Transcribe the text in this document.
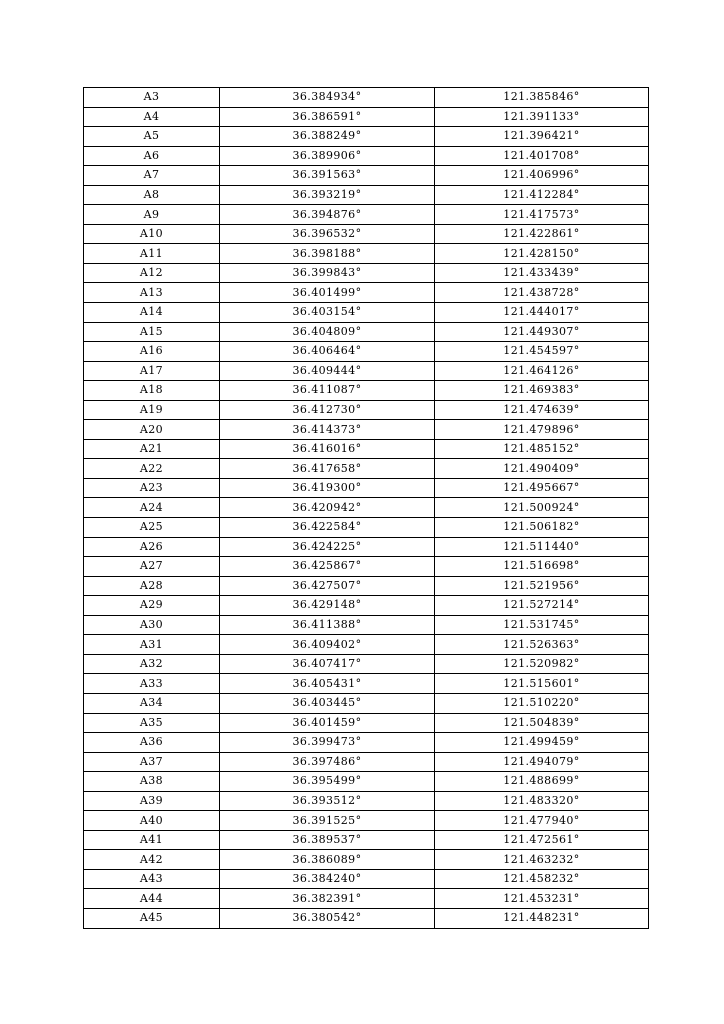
A3	36.384934°	121.385846°
A4	36.386591°	121.391133°
A5	36.388249°	121.396421°
A6	36.389906°	121.401708°
A7	36.391563°	121.406996°
A8	36.393219°	121.412284°
A9	36.394876°	121.417573°
A10	36.396532°	121.422861°
A11	36.398188°	121.428150°
A12	36.399843°	121.433439°
A13	36.401499°	121.438728°
A14	36.403154°	121.444017°
A15	36.404809°	121.449307°
A16	36.406464°	121.454597°
A17	36.409444°	121.464126°
A18	36.411087°	121.469383°
A19	36.412730°	121.474639°
A20	36.414373°	121.479896°
A21	36.416016°	121.485152°
A22	36.417658°	121.490409°
A23	36.419300°	121.495667°
A24	36.420942°	121.500924°
A25	36.422584°	121.506182°
A26	36.424225°	121.511440°
A27	36.425867°	121.516698°
A28	36.427507°	121.521956°
A29	36.429148°	121.527214°
A30	36.411388°	121.531745°
A31	36.409402°	121.526363°
A32	36.407417°	121.520982°
A33	36.405431°	121.515601°
A34	36.403445°	121.510220°
A35	36.401459°	121.504839°
A36	36.399473°	121.499459°
A37	36.397486°	121.494079°
A38	36.395499°	121.488699°
A39	36.393512°	121.483320°
A40	36.391525°	121.477940°
A41	36.389537°	121.472561°
A42	36.386089°	121.463232°
A43	36.384240°	121.458232°
A44	36.382391°	121.453231°
A45	36.380542°	121.448231°
